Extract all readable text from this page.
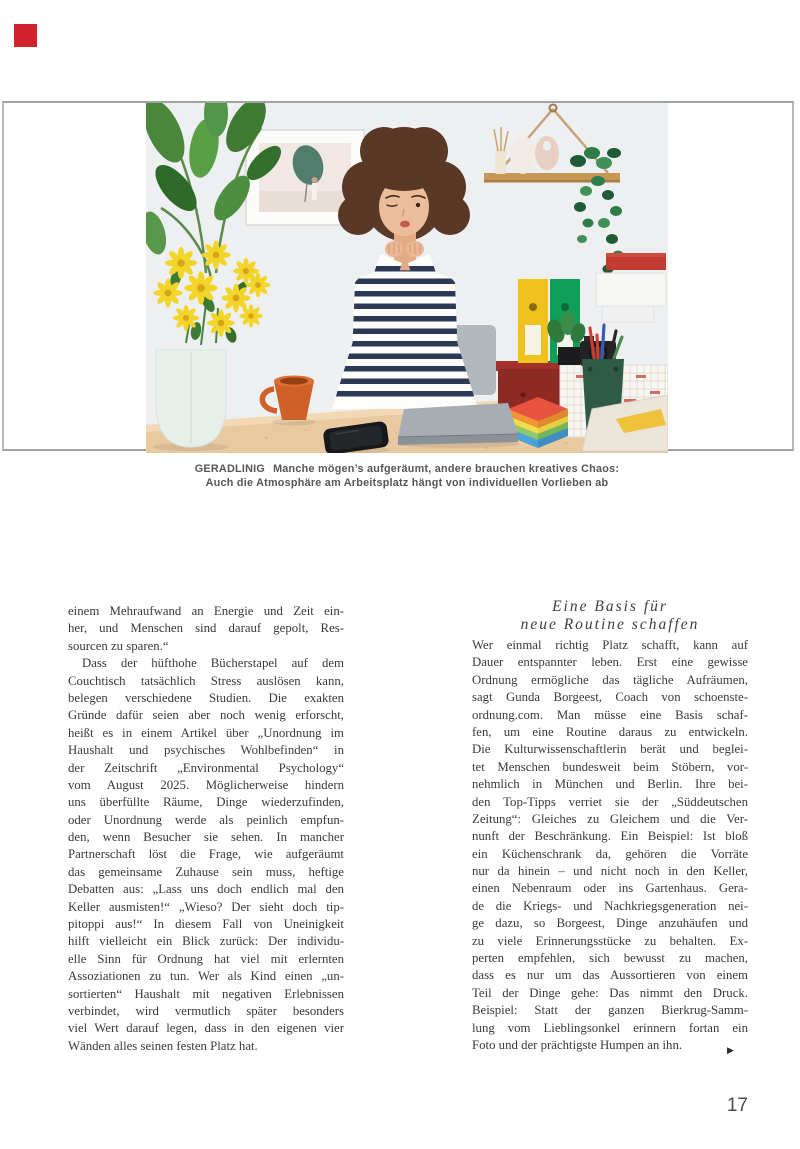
GERADLINIG Manche mögen’s aufgeräumt, andere brauchen kreatives Chaos:
Auch die Atmosphäre am Arbeitsplatz hängt von individuellen Vorlieben ab
einem Mehraufwand an Energie und Zeit ein-
her, und Menschen sind darauf gepolt, Res-
sourcen zu sparen.“
Dass der hüfthohe Bücherstapel auf dem
Couchtisch tatsächlich Stress auslösen kann,
belegen verschiedene Studien. Die exakten
Gründe dafür seien aber noch wenig erforscht,
heißt es in einem Artikel über „Unordnung im
Haushalt und psychisches Wohlbefinden“ in
der Zeitschrift „Environmental Psychology“
vom August 2025. Möglicherweise hindern
uns überfüllte Räume, Dinge wiederzufinden,
oder Unordnung werde als peinlich empfun-
den, wenn Besucher sie sehen. In mancher
Partnerschaft löst die Frage, wie aufgeräumt
das gemeinsame Zuhause sein muss, heftige
Debatten aus: „Lass uns doch endlich mal den
Keller ausmisten!“ „Wieso? Der sieht doch tip-
pitoppi aus!“ In diesem Fall von Uneinigkeit
hilft vielleicht ein Blick zurück: Der individu-
elle Sinn für Ordnung hat viel mit erlernten
Assoziationen zu tun. Wer als Kind einen „un-
sortierten“ Haushalt mit negativen Erlebnissen
verbindet, wird vermutlich später besonders
viel Wert darauf legen, dass in den eigenen vier
Wänden alles seinen festen Platz hat.
Eine Basis für
neue Routine schaffen
Wer einmal richtig Platz schafft, kann auf
Dauer entspannter leben. Erst eine gewisse
Ordnung ermögliche das tägliche Aufräumen,
sagt Gunda Borgeest, Coach von schoenste-
ordnung.com. Man müsse eine Basis schaf-
fen, um eine Routine daraus zu entwickeln.
Die Kulturwissenschaftlerin berät und beglei-
tet Menschen bundesweit beim Stöbern, vor-
nehmlich in München und Berlin. Ihre bei-
den Top-Tipps verriet sie der „Süddeutschen
Zeitung“: Gleiches zu Gleichem und die Ver-
nunft der Beschränkung. Ein Beispiel: Ist bloß
ein Küchenschrank da, gehören die Vorräte
nur da hinein – und nicht noch in den Keller,
einen Nebenraum oder ins Gartenhaus. Gera-
de die Kriegs- und Nachkriegsgeneration nei-
ge dazu, so Borgeest, Dinge anzuhäufen und
zu viele Erinnerungsstücke zu behalten. Ex-
perten empfehlen, sich bewusst zu machen,
dass es nur um das Aussortieren von einem
Teil der Dinge gehe: Das nimmt den Druck.
Beispiel: Statt der ganzen Bierkrug-Samm-
lung vom Lieblingsonkel erinnern fortan ein
Foto und der prächtigste Humpen an ihn.	▶
17
